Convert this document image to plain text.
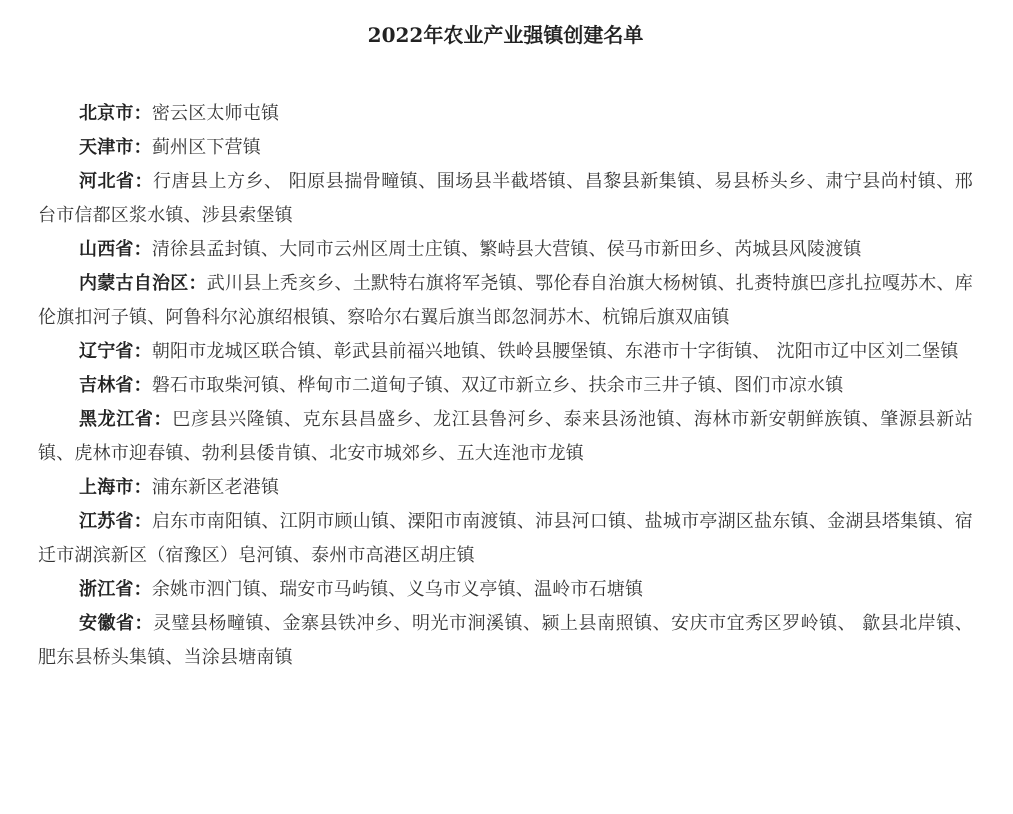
2022年农业产业强镇创建名单

北京市：密云区太师屯镇

天津市：蓟州区下营镇

河北省：行唐县上方乡、 阳原县揣骨疃镇、围场县半截塔镇、昌黎县新集镇、易县桥头乡、肃宁县尚村镇、邢台市信都区浆水镇、涉县索堡镇

山西省：清徐县孟封镇、大同市云州区周士庄镇、繁峙县大营镇、侯马市新田乡、芮城县风陵渡镇

内蒙古自治区：武川县上秃亥乡、土默特右旗将军尧镇、鄂伦春自治旗大杨树镇、扎赉特旗巴彦扎拉嘎苏木、库伦旗扣河子镇、阿鲁科尔沁旗绍根镇、察哈尔右翼后旗当郎忽洞苏木、杭锦后旗双庙镇

辽宁省：朝阳市龙城区联合镇、彰武县前福兴地镇、铁岭县腰堡镇、东港市十字街镇、 沈阳市辽中区刘二堡镇

吉林省：磐石市取柴河镇、桦甸市二道甸子镇、双辽市新立乡、扶余市三井子镇、图们市凉水镇

黑龙江省：巴彦县兴隆镇、克东县昌盛乡、龙江县鲁河乡、泰来县汤池镇、海林市新安朝鲜族镇、肇源县新站镇、虎林市迎春镇、勃利县倭肯镇、北安市城郊乡、五大连池市龙镇

上海市：浦东新区老港镇

江苏省：启东市南阳镇、江阴市顾山镇、溧阳市南渡镇、沛县河口镇、盐城市亭湖区盐东镇、金湖县塔集镇、宿迁市湖滨新区（宿豫区）皂河镇、泰州市高港区胡庄镇

浙江省：余姚市泗门镇、瑞安市马屿镇、义乌市义亭镇、温岭市石塘镇

安徽省：灵璧县杨疃镇、金寨县铁冲乡、明光市涧溪镇、颍上县南照镇、安庆市宜秀区罗岭镇、 歙县北岸镇、肥东县桥头集镇、当涂县塘南镇
